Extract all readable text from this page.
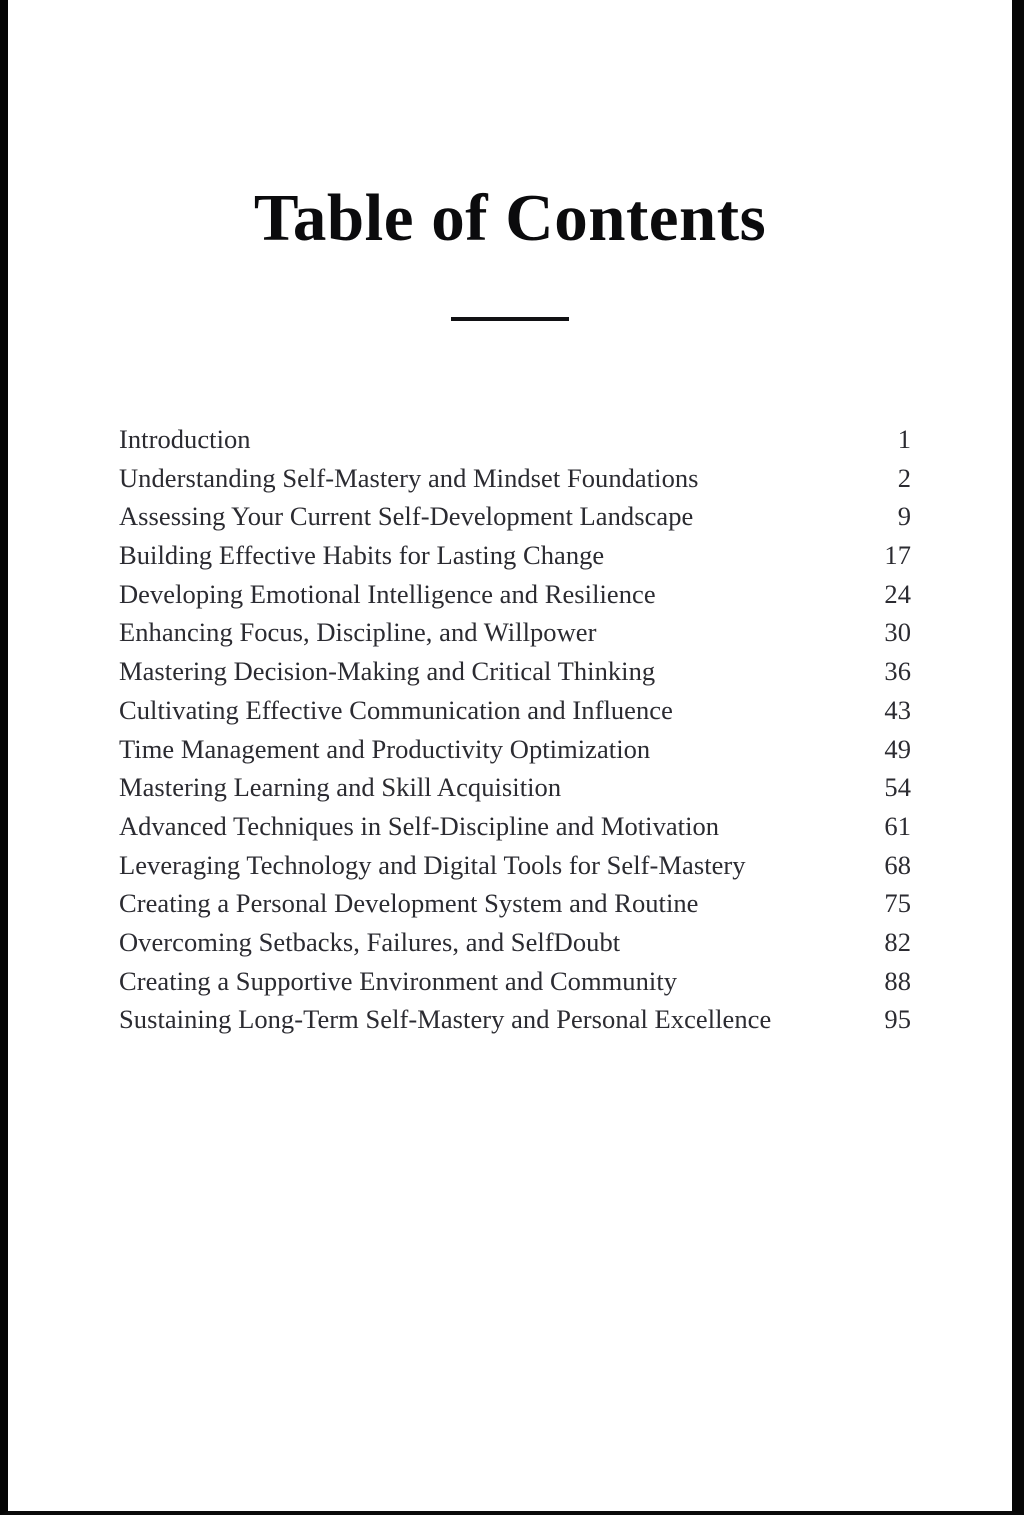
Table of Contents
Introduction	1
Understanding Self-Mastery and Mindset Foundations	2
Assessing Your Current Self-Development Landscape	9
Building Effective Habits for Lasting Change	17
Developing Emotional Intelligence and Resilience	24
Enhancing Focus, Discipline, and Willpower	30
Mastering Decision-Making and Critical Thinking	36
Cultivating Effective Communication and Influence	43
Time Management and Productivity Optimization	49
Mastering Learning and Skill Acquisition	54
Advanced Techniques in Self-Discipline and Motivation	61
Leveraging Technology and Digital Tools for Self-Mastery	68
Creating a Personal Development System and Routine	75
Overcoming Setbacks, Failures, and SelfDoubt	82
Creating a Supportive Environment and Community	88
Sustaining Long-Term Self-Mastery and Personal Excellence	95
